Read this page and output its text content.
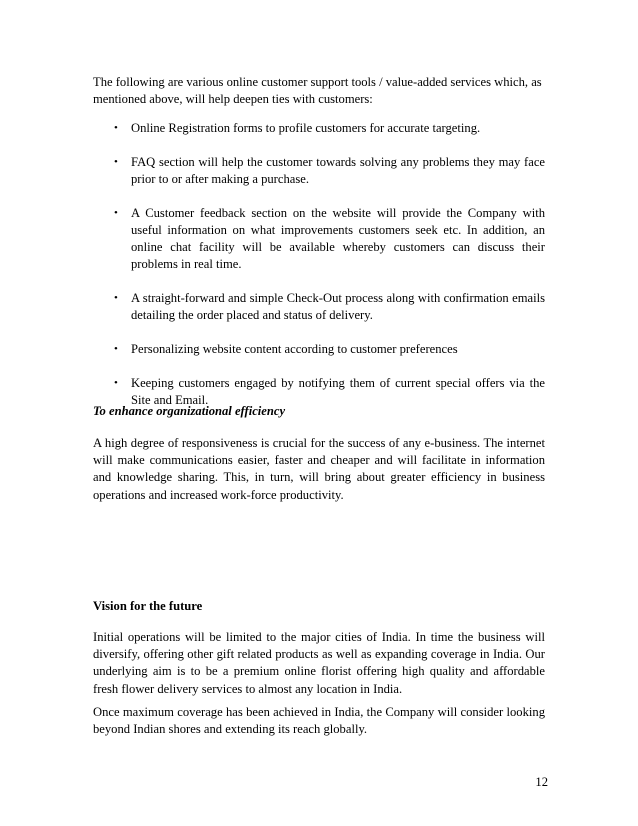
The following are various online customer support tools / value-added services which, as mentioned above, will help deepen ties with customers:

• Online Registration forms to profile customers for accurate targeting.
• FAQ section will help the customer towards solving any problems they may face prior to or after making a purchase.
• A Customer feedback section on the website will provide the Company with useful information on what improvements customers seek etc. In addition, an online chat facility will be available whereby customers can discuss their problems in real time.
• A straight-forward and simple Check-Out process along with confirmation emails detailing the order placed and status of delivery.
• Personalizing website content according to customer preferences
• Keeping customers engaged by notifying them of current special offers via the Site and Email.

To enhance organizational efficiency

A high degree of responsiveness is crucial for the success of any e-business. The internet will make communications easier, faster and cheaper and will facilitate in information and knowledge sharing. This, in turn, will bring about greater efficiency in business operations and increased work-force productivity.

Vision for the future

Initial operations will be limited to the major cities of India. In time the business will diversify, offering other gift related products as well as expanding coverage in India. Our underlying aim is to be a premium online florist offering high quality and affordable fresh flower delivery services to almost any location in India.

Once maximum coverage has been achieved in India, the Company will consider looking beyond Indian shores and extending its reach globally.

12
